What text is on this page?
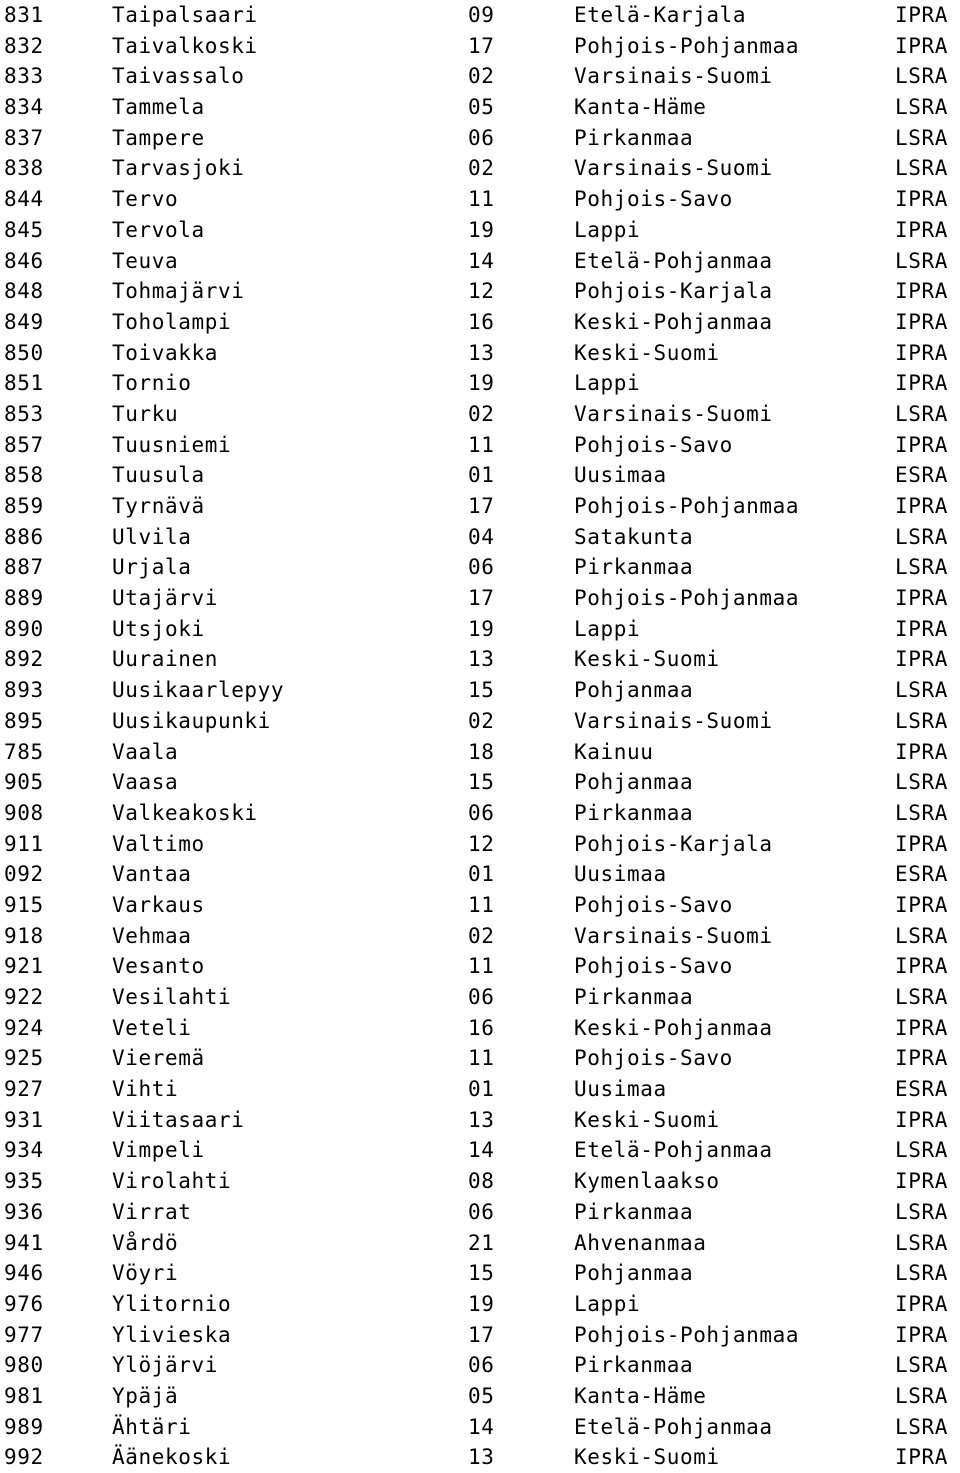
831	Taipalsaari	09	Etelä-Karjala	IPRA
832	Taivalkoski	17	Pohjois-Pohjanmaa	IPRA
833	Taivassalo	02	Varsinais-Suomi	LSRA
834	Tammela	05	Kanta-Häme	LSRA
837	Tampere	06	Pirkanmaa	LSRA
838	Tarvasjoki	02	Varsinais-Suomi	LSRA
844	Tervo	11	Pohjois-Savo	IPRA
845	Tervola	19	Lappi	IPRA
846	Teuva	14	Etelä-Pohjanmaa	LSRA
848	Tohmajärvi	12	Pohjois-Karjala	IPRA
849	Toholampi	16	Keski-Pohjanmaa	IPRA
850	Toivakka	13	Keski-Suomi	IPRA
851	Tornio	19	Lappi	IPRA
853	Turku	02	Varsinais-Suomi	LSRA
857	Tuusniemi	11	Pohjois-Savo	IPRA
858	Tuusula	01	Uusimaa	ESRA
859	Tyrnävä	17	Pohjois-Pohjanmaa	IPRA
886	Ulvila	04	Satakunta	LSRA
887	Urjala	06	Pirkanmaa	LSRA
889	Utajärvi	17	Pohjois-Pohjanmaa	IPRA
890	Utsjoki	19	Lappi	IPRA
892	Uurainen	13	Keski-Suomi	IPRA
893	Uusikaarlepyy	15	Pohjanmaa	LSRA
895	Uusikaupunki	02	Varsinais-Suomi	LSRA
785	Vaala	18	Kainuu	IPRA
905	Vaasa	15	Pohjanmaa	LSRA
908	Valkeakoski	06	Pirkanmaa	LSRA
911	Valtimo	12	Pohjois-Karjala	IPRA
092	Vantaa	01	Uusimaa	ESRA
915	Varkaus	11	Pohjois-Savo	IPRA
918	Vehmaa	02	Varsinais-Suomi	LSRA
921	Vesanto	11	Pohjois-Savo	IPRA
922	Vesilahti	06	Pirkanmaa	LSRA
924	Veteli	16	Keski-Pohjanmaa	IPRA
925	Vieremä	11	Pohjois-Savo	IPRA
927	Vihti	01	Uusimaa	ESRA
931	Viitasaari	13	Keski-Suomi	IPRA
934	Vimpeli	14	Etelä-Pohjanmaa	LSRA
935	Virolahti	08	Kymenlaakso	IPRA
936	Virrat	06	Pirkanmaa	LSRA
941	Vårdö	21	Ahvenanmaa	LSRA
946	Vöyri	15	Pohjanmaa	LSRA
976	Ylitornio	19	Lappi	IPRA
977	Ylivieska	17	Pohjois-Pohjanmaa	IPRA
980	Ylöjärvi	06	Pirkanmaa	LSRA
981	Ypäjä	05	Kanta-Häme	LSRA
989	Ähtäri	14	Etelä-Pohjanmaa	LSRA
992	Äänekoski	13	Keski-Suomi	IPRA
